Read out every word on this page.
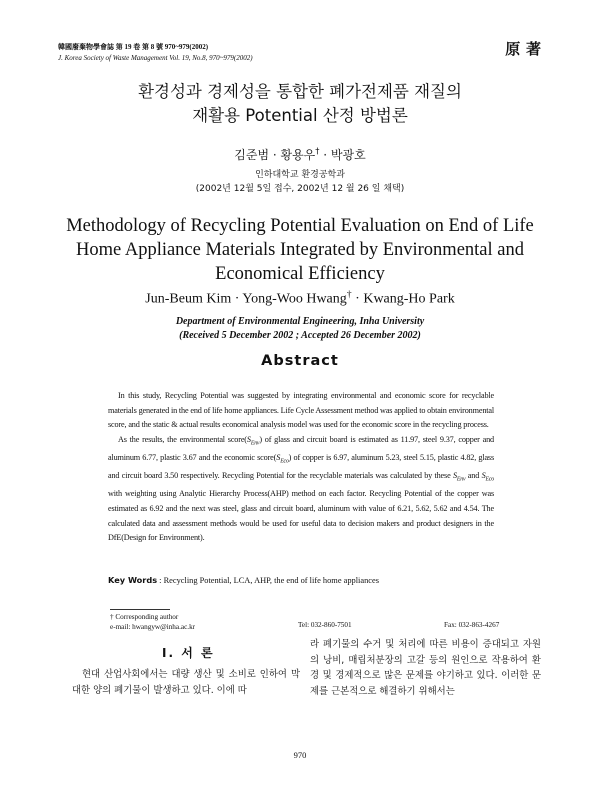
韓國廢棄物學會誌 第 19 卷 第 8 號 970~979(2002)
J. Korea Society of Waste Management Vol. 19, No.8, 970~979(2002)	原 著
환경성과 경제성을 통합한 폐가전제품 재질의
재활용 Potential 산정 방법론
김준범 · 황용우† · 박광호
인하대학교 환경공학과
(2002년 12월 5일 접수, 2002년 12 월 26 일 채택)
Methodology of Recycling Potential Evaluation on End of Life
Home Appliance Materials Integrated by Environmental and
Economical Efficiency
Jun-Beum Kim · Yong-Woo Hwang† · Kwang-Ho Park
Department of Environmental Engineering, Inha University
(Received 5 December 2002 ; Accepted 26 December 2002)
Abstract

In this study, Recycling Potential was suggested by integrating environmental and economic score for recyclable materials generated in the end of life home appliances. Life Cycle Assessment method was applied to obtain environmental score, and the static & actual results economical analysis model was used for the economic score in the recycling process.

As the results, the environmental $score(S_{Env})$ of glass and circuit board is estimated as 11.97, steel 9.37, copper and aluminum 6.77, plastic 3.67 and the economic $score(S_{Eco})$ of copper is 6.97, aluminum 5.23, steel 5.15, plastic 4.82, glass and circuit board 3.50 respectively. Recycling Potential for the recyclable materials was calculated by these $S_{Env}$ and $S_{Eco}$ with weighting using Analytic Hierarchy Process(AHP) method on each factor. Recycling Potential of the copper was estimated as 6.92 and the next was steel, glass and circuit board, aluminum with value of 6.21, 5.62, 5.62 and 4.54. The calculated data and assessment methods would be used for useful data to decision makers and product designers in the DfE(Design for Environment).

Key Words : Recycling Potential, LCA, AHP, the end of life home appliances
† Corresponding author
e-mail: hwangyw@inha.ac.kr	Tel: 032-860-7501	Fax: 032-863-4267
Ⅰ. 서 론

현대 산업사회에서는 대량 생산 및 소비로 인하여 막대한 양의 폐기물이 발생하고 있다. 이에 따

라 폐기물의 수거 및 처리에 따른 비용이 증대되고 자원의 낭비, 매립처분장의 고갈 등의 원인으로 작용하여 환경 및 경제적으로 많은 문제를 야기하고 있다. 이러한 문제를 근본적으로 해결하기 위해서는

970
